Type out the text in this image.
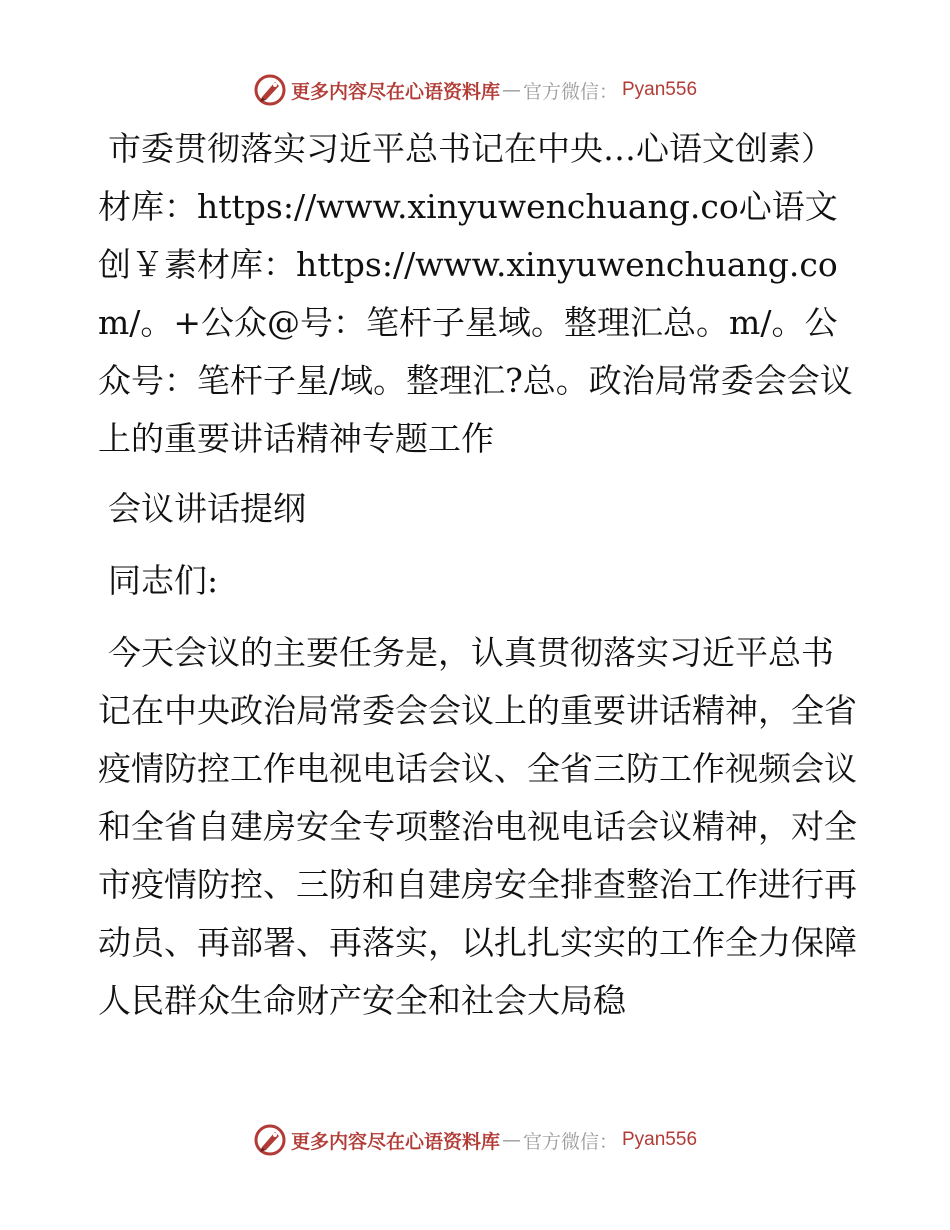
更多内容尽在心语资料库 — 官方微信： Pyan556

市委贯彻落实习近平总书记在中央…心语文创素）材库：https://www.xinyuwenchuang.co心语文创￥素材库：https://www.xinyuwenchuang.com/。+公众@号：笔杆子星域。整理汇总。m/。公众号：笔杆子星/域。整理汇?总。政治局常委会会议上的重要讲话精神专题工作

会议讲话提纲

同志们:

今天会议的主要任务是，认真贯彻落实习近平总书记在中央政治局常委会会议上的重要讲话精神，全省疫情防控工作电视电话会议、全省三防工作视频会议和全省自建房安全专项整治电视电话会议精神，对全市疫情防控、三防和自建房安全排查整治工作进行再动员、再部署、再落实，以扎扎实实的工作全力保障人民群众生命财产安全和社会大局稳

更多内容尽在心语资料库 — 官方微信： Pyan556
